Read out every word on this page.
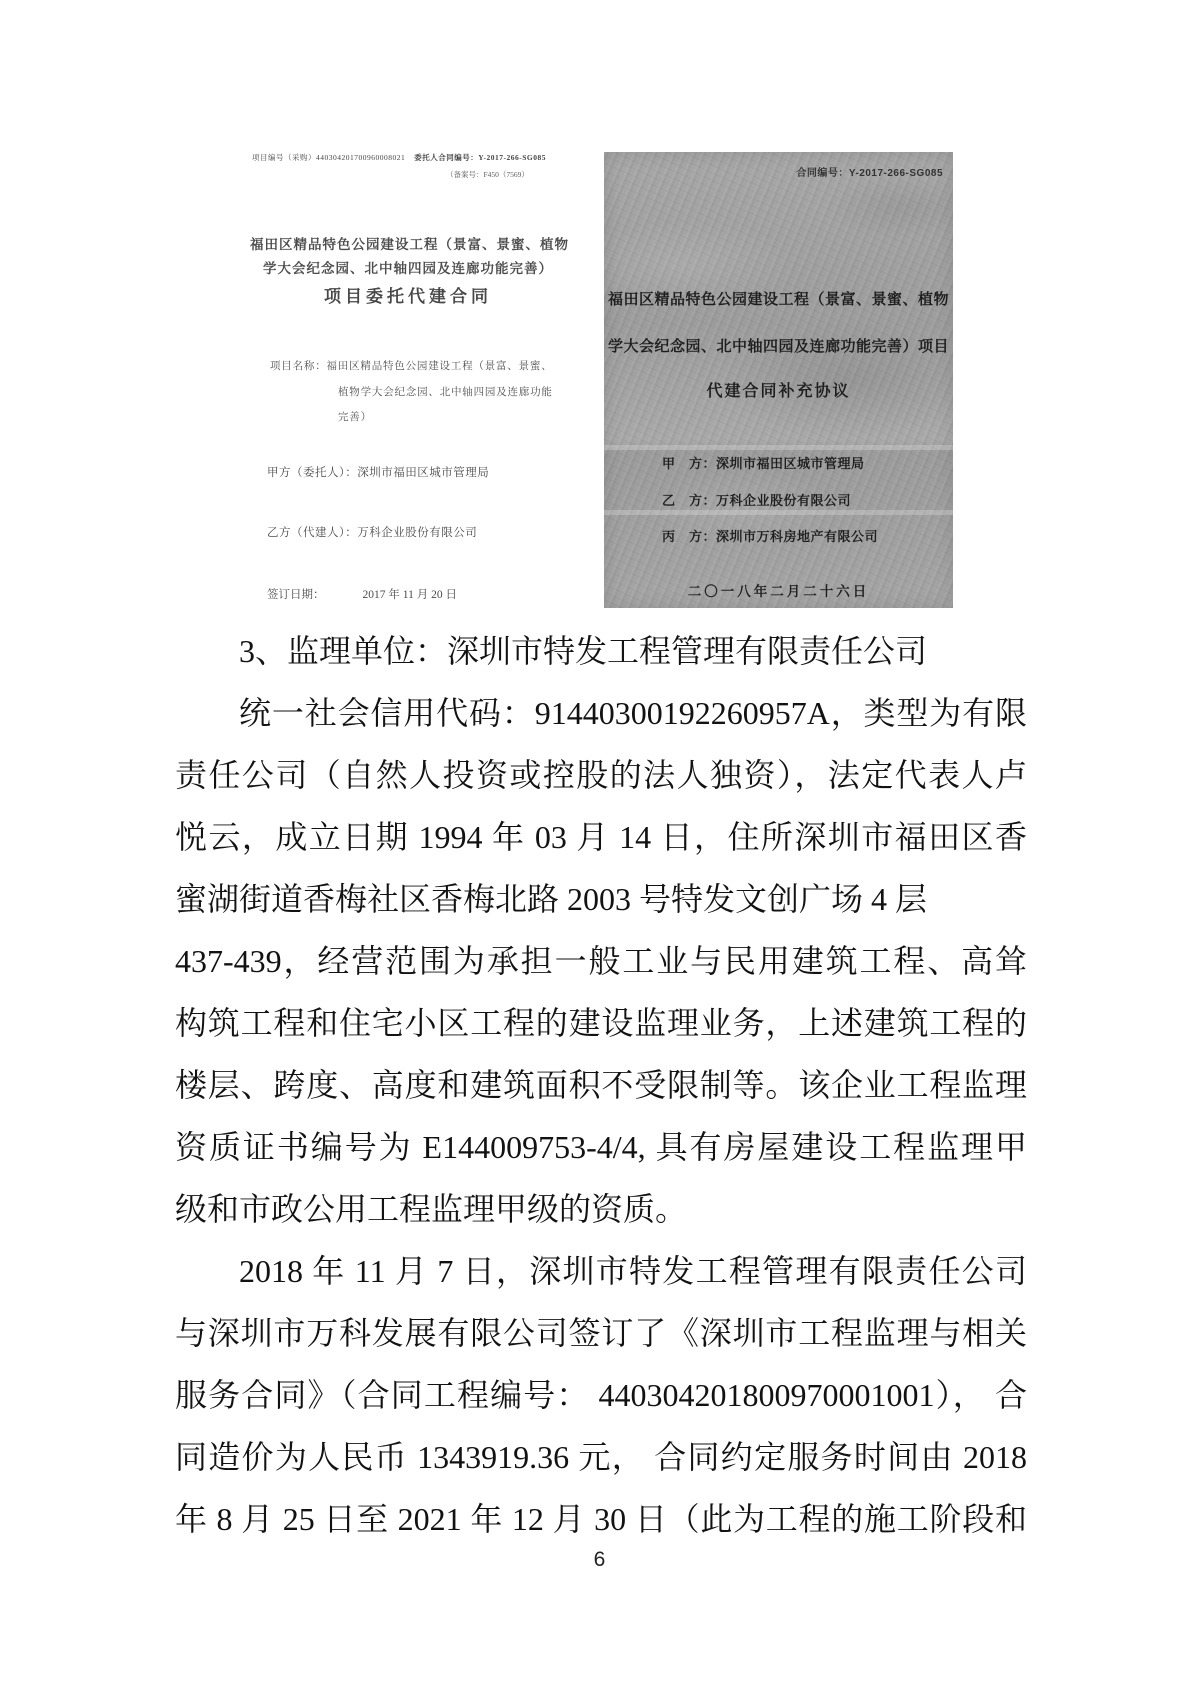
项目编号（采购）440304201700960008021 委托人合同编号：Y-2017-266-SG085
（备案号：F450（7569）
福田区精品特色公园建设工程（景富、景蜜、植物
学大会纪念园、北中轴四园及连廊功能完善）
项目委托代建合同
项目名称：福田区精品特色公园建设工程（景富、景蜜、
植物学大会纪念园、北中轴四园及连廊功能
完善）
甲方（委托人）：深圳市福田区城市管理局
乙方（代建人）：万科企业股份有限公司
签订日期：	2017 年 11 月 20 日
合同编号：Y-2017-266-SG085
福田区精品特色公园建设工程（景富、景蜜、植物
学大会纪念园、北中轴四园及连廊功能完善）项目
代建合同补充协议
甲　方：深圳市福田区城市管理局
乙　方：万科企业股份有限公司
丙　方：深圳市万科房地产有限公司
二〇一八年二月二十六日
3、监理单位：深圳市特发工程管理有限责任公司
统一社会信用代码：91440300192260957A，类型为有限
责任公司（自然人投资或控股的法人独资），法定代表人卢
悦云，成立日期 1994 年 03 月 14 日，住所深圳市福田区香
蜜湖街道香梅社区香梅北路 2003 号特发文创广场 4 层
437-439，经营范围为承担一般工业与民用建筑工程、高耸
构筑工程和住宅小区工程的建设监理业务，上述建筑工程的
楼层、跨度、高度和建筑面积不受限制等。该企业工程监理
资质证书编号为 E144009753-4/4, 具有房屋建设工程监理甲
级和市政公用工程监理甲级的资质。
2018 年 11 月 7 日，深圳市特发工程管理有限责任公司
与深圳市万科发展有限公司签订了《深圳市工程监理与相关
服务合同》（合同工程编号： 440304201800970001001）， 合
同造价为人民币 1343919.36 元， 合同约定服务时间由 2018
年 8 月 25 日至 2021 年 12 月 30 日（此为工程的施工阶段和
6
